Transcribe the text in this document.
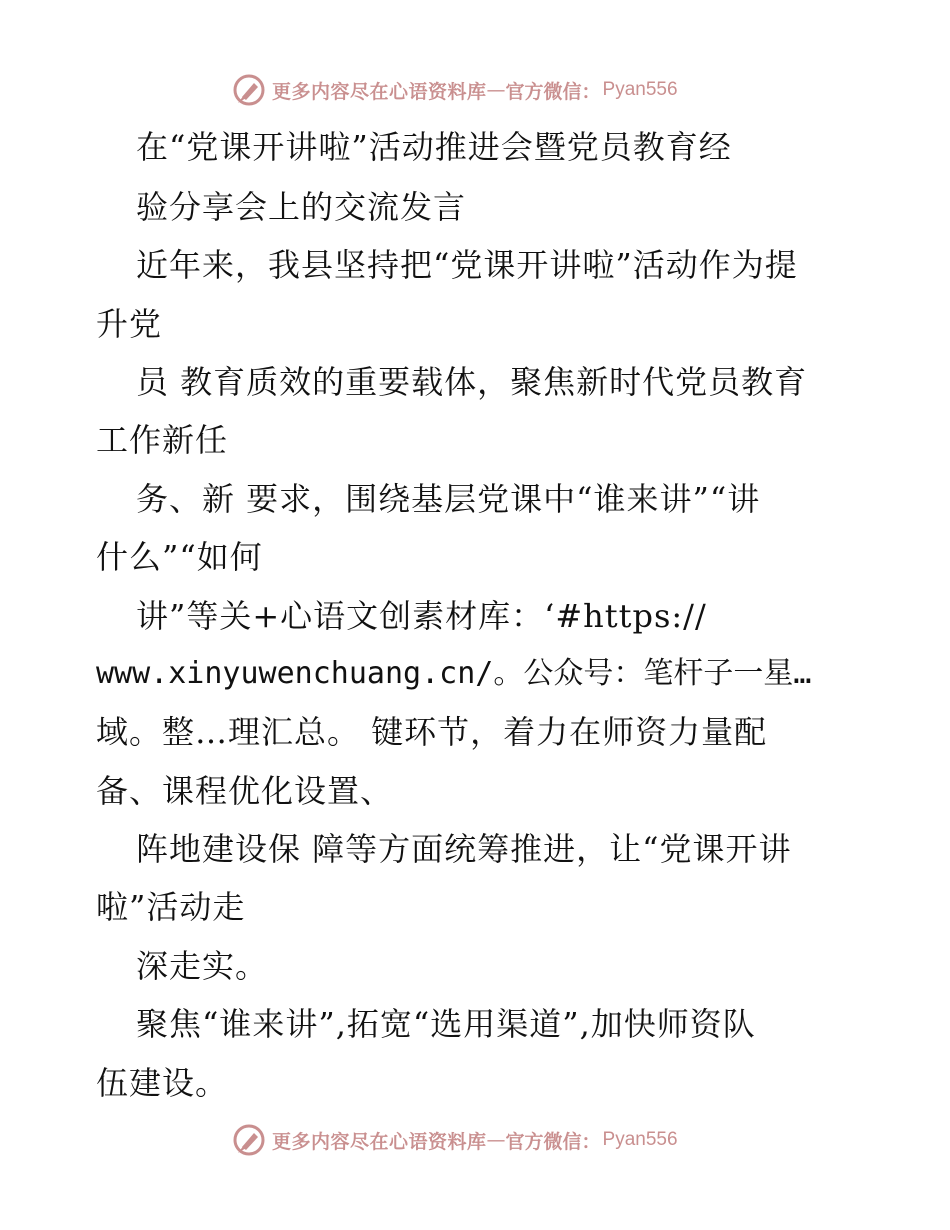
更多内容尽在心语资料库 — 官方微信： Pyan556
在“党课开讲啦”活动推进会暨党员教育经
验分享会上的交流发言
近年来，我县坚持把“党课开讲啦”活动作为提
升党
员 教育质效的重要载体，聚焦新时代党员教育
工作新任
务、新 要求，围绕基层党课中“谁来讲”“讲
什么”“如何
讲”等关+心语文创素材库：‘#https://
www.xinyuwenchuang.cn/。公众号：笔杆子一星…
域。整…理汇总。 键环节，着力在师资力量配
备、课程优化设置、
阵地建设保 障等方面统筹推进，让“党课开讲
啦”活动走
深走实。
聚焦“谁来讲”,拓宽“选用渠道”,加快师资队
伍建设。
更多内容尽在心语资料库 — 官方微信： Pyan556
